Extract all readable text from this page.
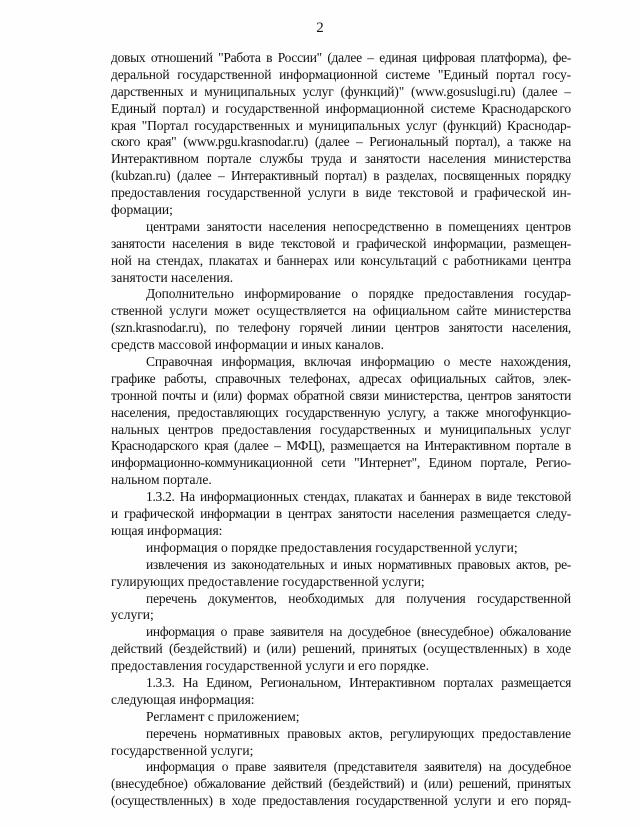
2
довых отношений "Работа в России" (далее – единая цифровая платформа), фе-
деральной государственной информационной системе "Единый портал госу-
дарственных и муниципальных услуг (функций)" (www.gosuslugi.ru) (далее –
Единый портал) и государственной информационной системе Краснодарского
края "Портал государственных и муниципальных услуг (функций) Краснодар-
ского края" (www.pgu.krasnodar.ru) (далее – Региональный портал), а также на
Интерактивном портале службы труда и занятости населения министерства
(kubzan.ru) (далее – Интерактивный портал) в разделах, посвященных порядку
предоставления государственной услуги в виде текстовой и графической ин-
формации;
центрами занятости населения непосредственно в помещениях центров
занятости населения в виде текстовой и графической информации, размещен-
ной на стендах, плакатах и баннерах или консультаций с работниками центра
занятости населения.
Дополнительно информирование о порядке предоставления государ-
ственной услуги может осуществляется на официальном сайте министерства
(szn.krasnodar.ru), по телефону горячей линии центров занятости населения,
средств массовой информации и иных каналов.
Справочная информация, включая информацию о месте нахождения,
графике работы, справочных телефонах, адресах официальных сайтов, элек-
тронной почты и (или) формах обратной связи министерства, центров занятости
населения, предоставляющих государственную услугу, а также многофункцио-
нальных центров предоставления государственных и муниципальных услуг
Краснодарского края (далее – МФЦ), размещается на Интерактивном портале в
информационно-коммуникационной сети "Интернет", Едином портале, Регио-
нальном портале.
1.3.2. На информационных стендах, плакатах и баннерах в виде текстовой
и графической информации в центрах занятости населения размещается следу-
ющая информация:
информация о порядке предоставления государственной услуги;
извлечения из законодательных и иных нормативных правовых актов, ре-
гулирующих предоставление государственной услуги;
перечень документов, необходимых для получения государственной
услуги;
информация о праве заявителя на досудебное (внесудебное) обжалование
действий (бездействий) и (или) решений, принятых (осуществленных) в ходе
предоставления государственной услуги и его порядке.
1.3.3. На Едином, Региональном, Интерактивном порталах размещается
следующая информация:
Регламент с приложением;
перечень нормативных правовых актов, регулирующих предоставление
государственной услуги;
информация о праве заявителя (представителя заявителя) на досудебное
(внесудебное) обжалование действий (бездействий) и (или) решений, принятых
(осуществленных) в ходе предоставления государственной услуги и его поряд-
